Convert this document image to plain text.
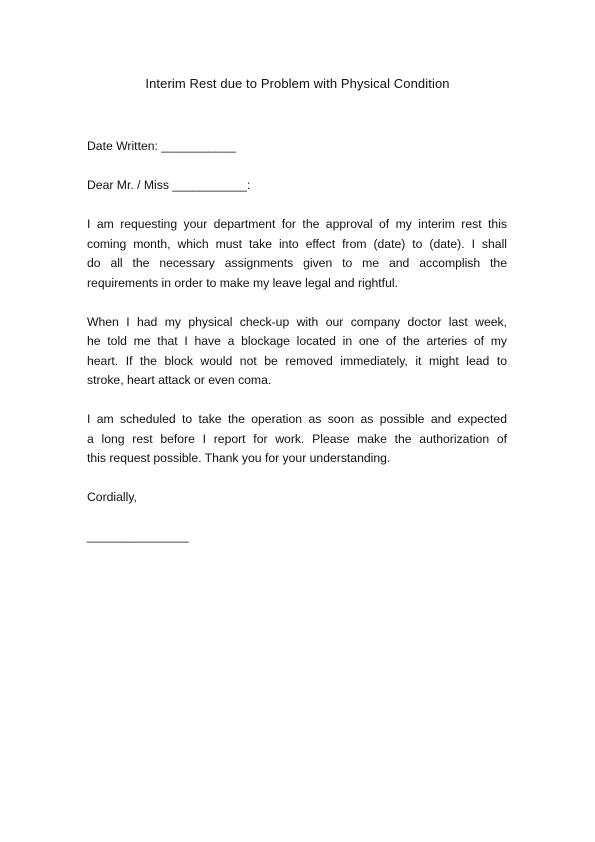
Interim Rest due to Problem with Physical Condition

Date Written: ___________

Dear Mr. / Miss ___________:

I am requesting your department for the approval of my interim rest this

coming month, which must take into effect from (date) to (date). I shall

do all the necessary assignments given to me and accomplish the

requirements in order to make my leave legal and rightful.

When I had my physical check-up with our company doctor last week,

he told me that I have a blockage located in one of the arteries of my

heart. If the block would not be removed immediately, it might lead to

stroke, heart attack or even coma.

I am scheduled to take the operation as soon as possible and expected

a long rest before I report for work. Please make the authorization of

this request possible. Thank you for your understanding.

Cordially,

_______________
